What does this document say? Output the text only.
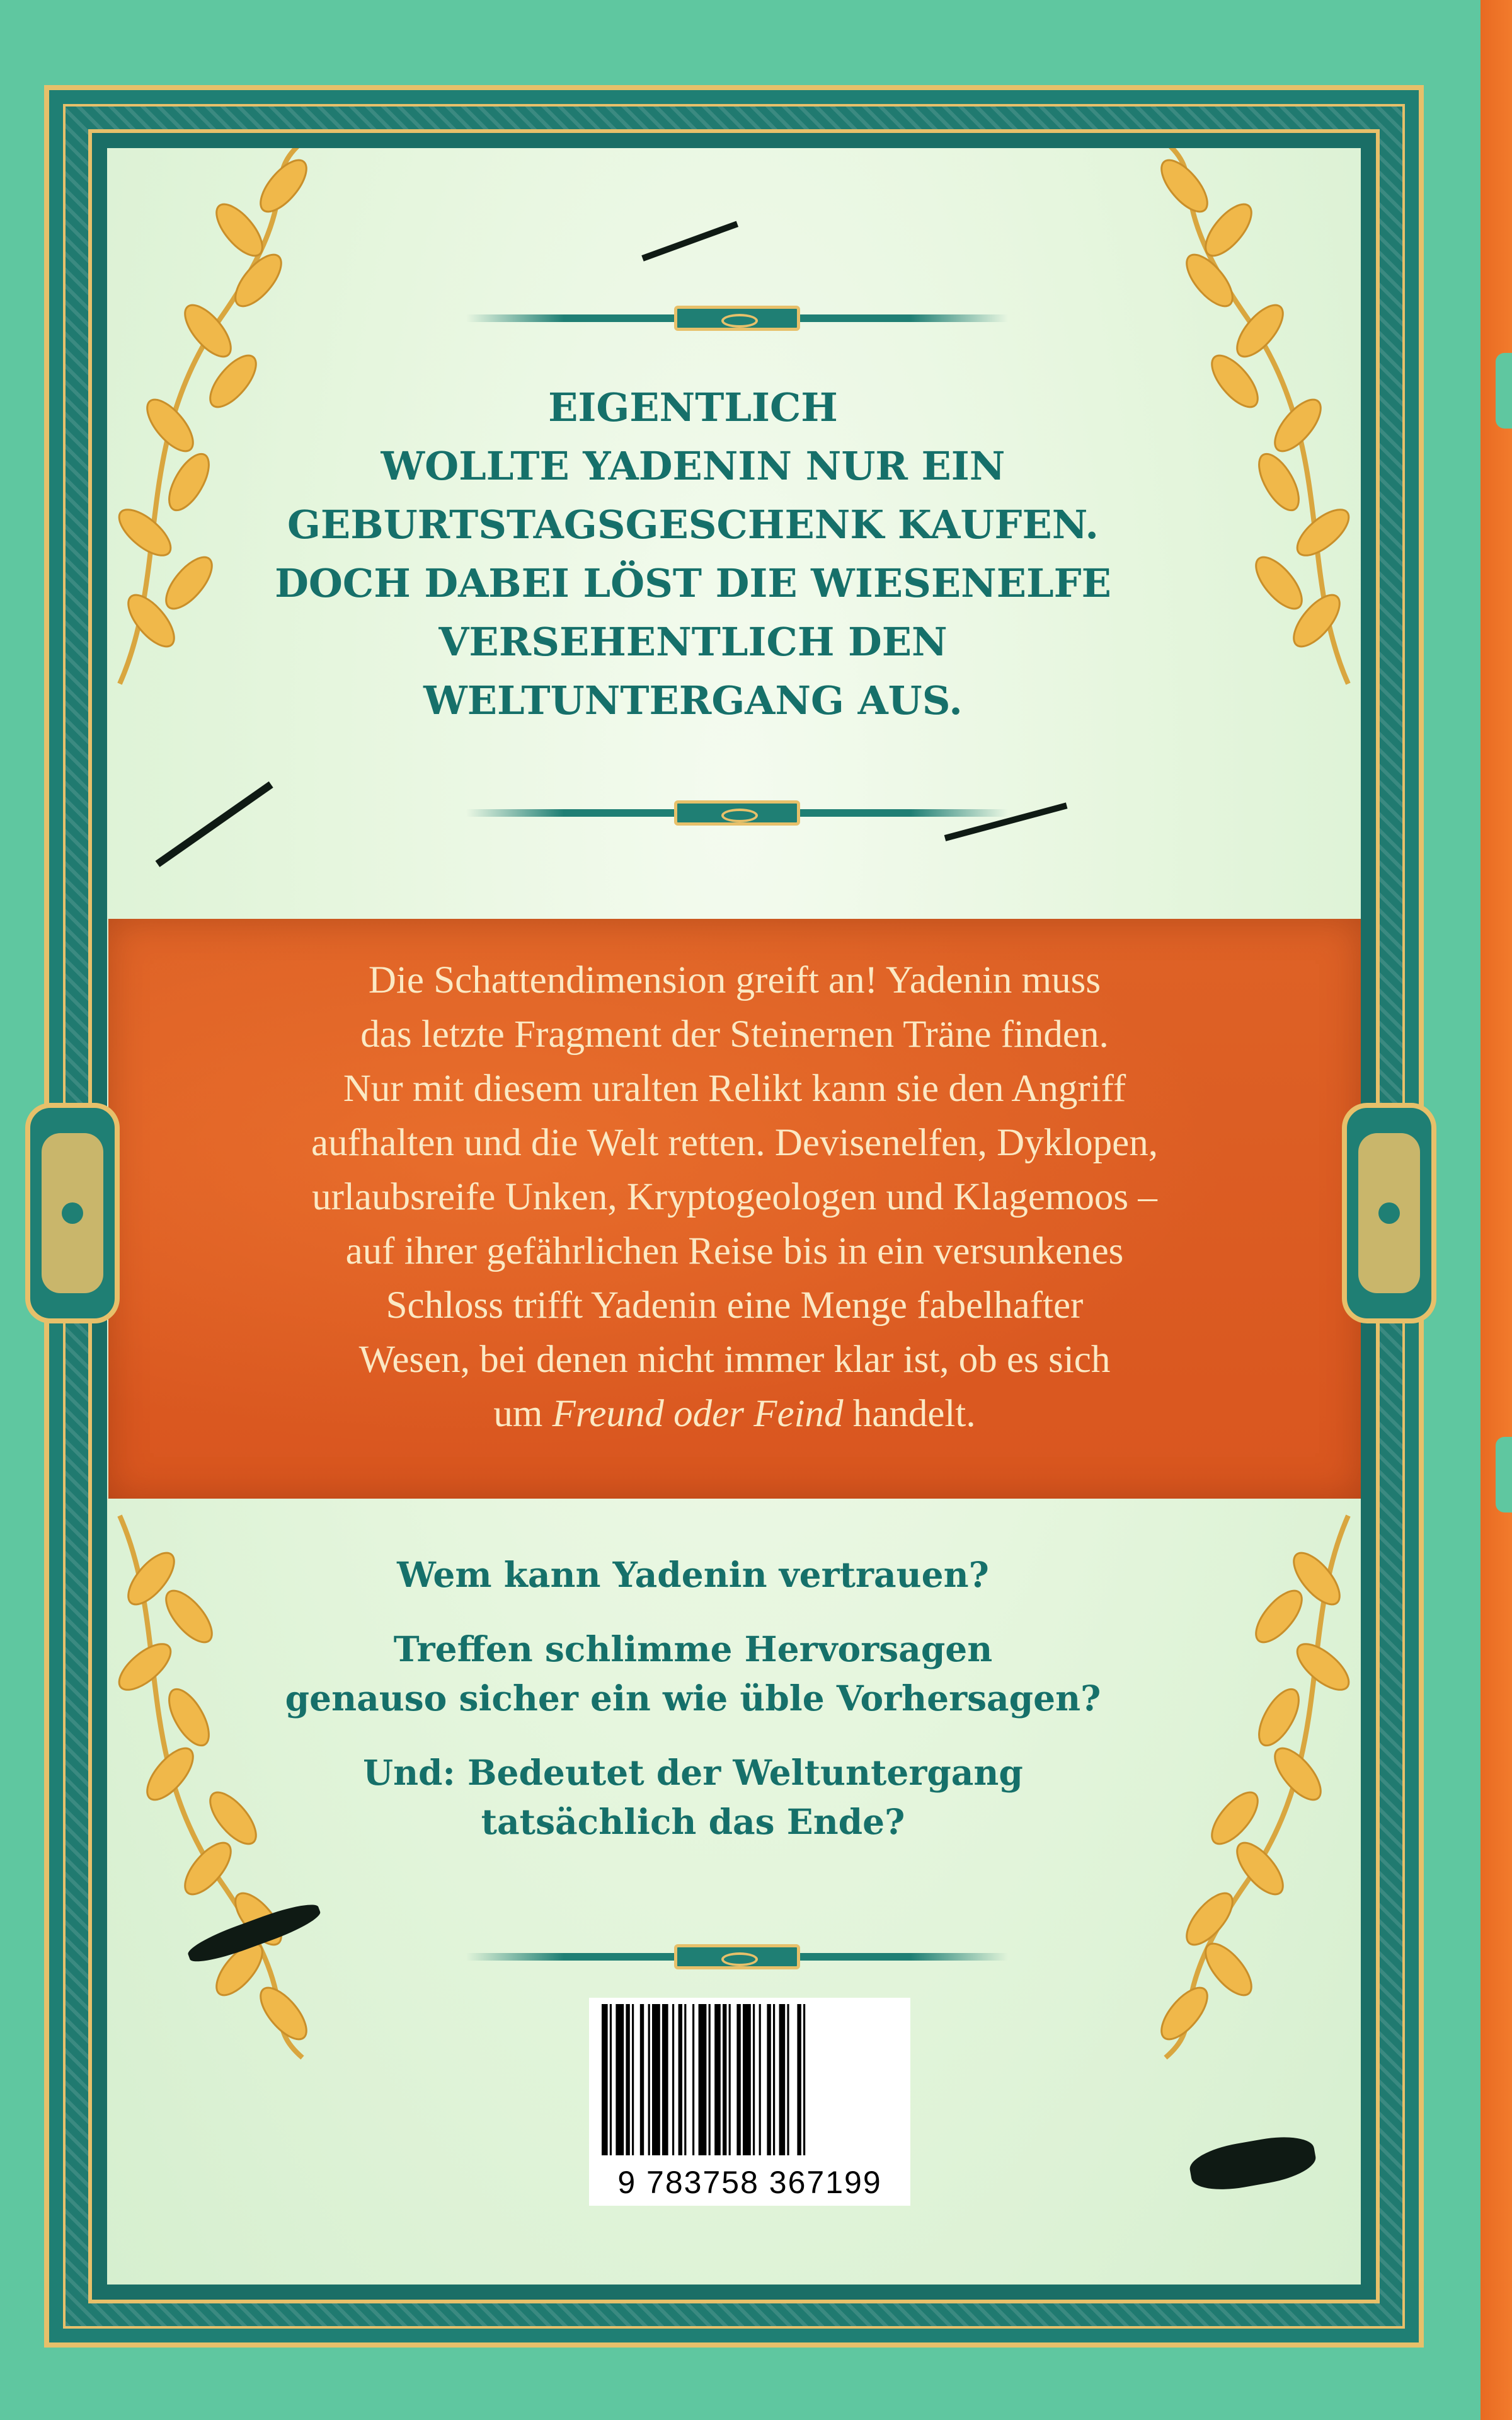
EIGENTLICH
WOLLTE YADENIN NUR EIN
GEBURTSTAGSGESCHENK KAUFEN.
DOCH DABEI LÖST DIE WIESENELFE
VERSEHENTLICH DEN
WELTUNTERGANG AUS.
Die Schattendimension greift an! Yadenin muss
das letzte Fragment der Steinernen Träne finden.
Nur mit diesem uralten Relikt kann sie den Angriff
aufhalten und die Welt retten. Devisenelfen, Dyklopen,
urlaubsreife Unken, Kryptogeologen und Klagemoos –
auf ihrer gefährlichen Reise bis in ein versunkenes
Schloss trifft Yadenin eine Menge fabelhafter
Wesen, bei denen nicht immer klar ist, ob es sich
um Freund oder Feind handelt.
Wem kann Yadenin vertrauen?
Treffen schlimme Hervorsagen
genauso sicher ein wie üble Vorhersagen?
Und: Bedeutet der Weltuntergang
tatsächlich das Ende?
9 783758 367199
